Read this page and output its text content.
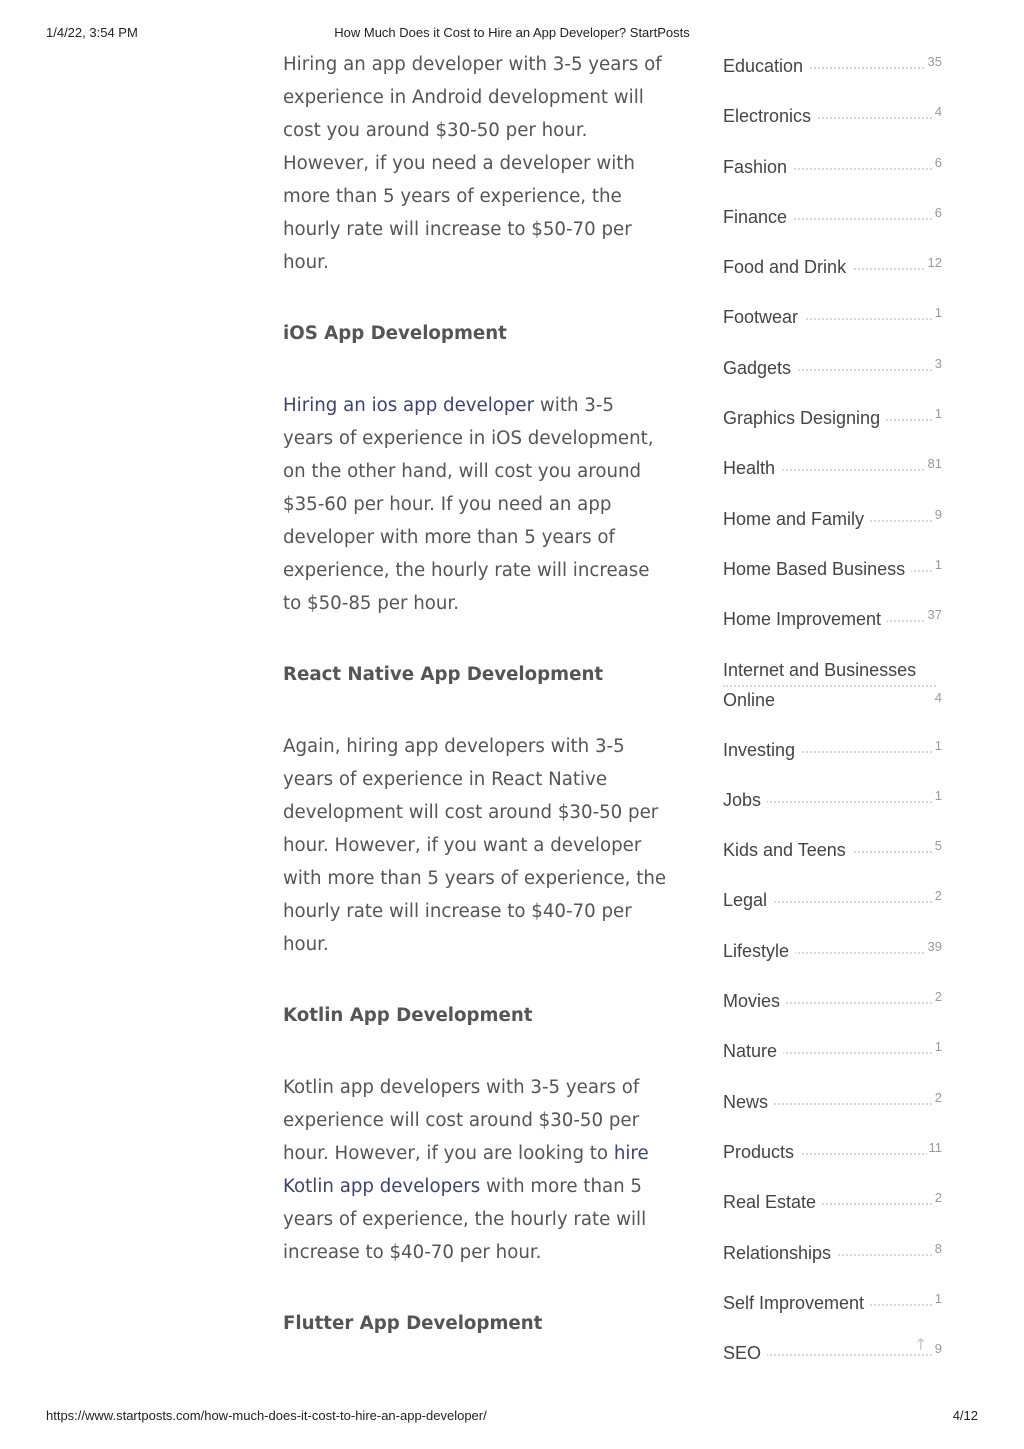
1/4/22, 3:54 PM	How Much Does it Cost to Hire an App Developer? StartPosts

Hiring an app developer with 3-5 years of experience in Android development will cost you around $30-50 per hour. However, if you need a developer with more than 5 years of experience, the hourly rate will increase to $50-70 per hour.

iOS App Development

Hiring an ios app developer with 3-5 years of experience in iOS development, on the other hand, will cost you around $35-60 per hour. If you need an app developer with more than 5 years of experience, the hourly rate will increase to $50-85 per hour.

React Native App Development

Again, hiring app developers with 3-5 years of experience in React Native development will cost around $30-50 per hour. However, if you want a developer with more than 5 years of experience, the hourly rate will increase to $40-70 per hour.

Kotlin App Development

Kotlin app developers with 3-5 years of experience will cost around $30-50 per hour. However, if you are looking to hire Kotlin app developers with more than 5 years of experience, the hourly rate will increase to $40-70 per hour.

Flutter App Development
Education	35
Electronics	4
Fashion	6
Finance	6
Food and Drink	12
Footwear	1
Gadgets	3
Graphics Designing	1
Health	81
Home and Family	9
Home Based Business	1
Home Improvement	37
Internet and Businesses Online	4
Investing	1
Jobs	1
Kids and Teens	5
Legal	2
Lifestyle	39
Movies	2
Nature	1
News	2
Products	11
Real Estate	2
Relationships	8
Self Improvement	1
SEO	9
↑
https://www.startposts.com/how-much-does-it-cost-to-hire-an-app-developer/	4/12
